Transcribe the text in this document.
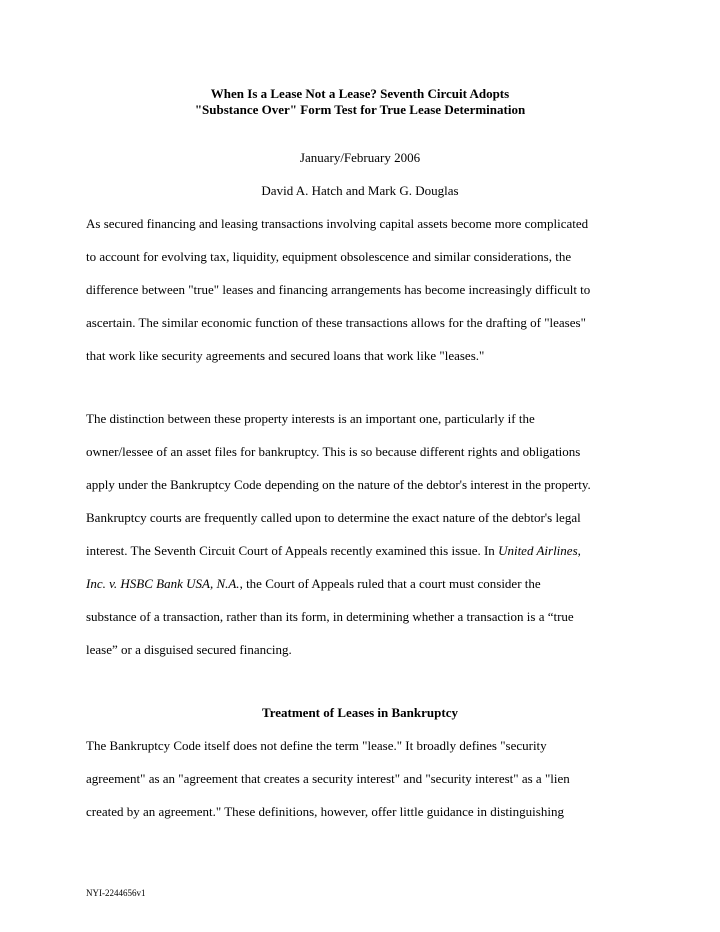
When Is a Lease Not a Lease? Seventh Circuit Adopts
"Substance Over" Form Test for True Lease Determination
January/February 2006
David A. Hatch and Mark G. Douglas
As secured financing and leasing transactions involving capital assets become more complicated
to account for evolving tax, liquidity, equipment obsolescence and similar considerations, the
difference between "true" leases and financing arrangements has become increasingly difficult to
ascertain. The similar economic function of these transactions allows for the drafting of "leases"
that work like security agreements and secured loans that work like "leases."
The distinction between these property interests is an important one, particularly if the
owner/lessee of an asset files for bankruptcy. This is so because different rights and obligations
apply under the Bankruptcy Code depending on the nature of the debtor's interest in the property.
Bankruptcy courts are frequently called upon to determine the exact nature of the debtor's legal
interest. The Seventh Circuit Court of Appeals recently examined this issue. In United Airlines,
Inc. v. HSBC Bank USA, N.A., the Court of Appeals ruled that a court must consider the
substance of a transaction, rather than its form, in determining whether a transaction is a “true
lease” or a disguised secured financing.
Treatment of Leases in Bankruptcy
The Bankruptcy Code itself does not define the term "lease." It broadly defines "security
agreement" as an "agreement that creates a security interest" and "security interest" as a "lien
created by an agreement." These definitions, however, offer little guidance in distinguishing
NYI-2244656v1
